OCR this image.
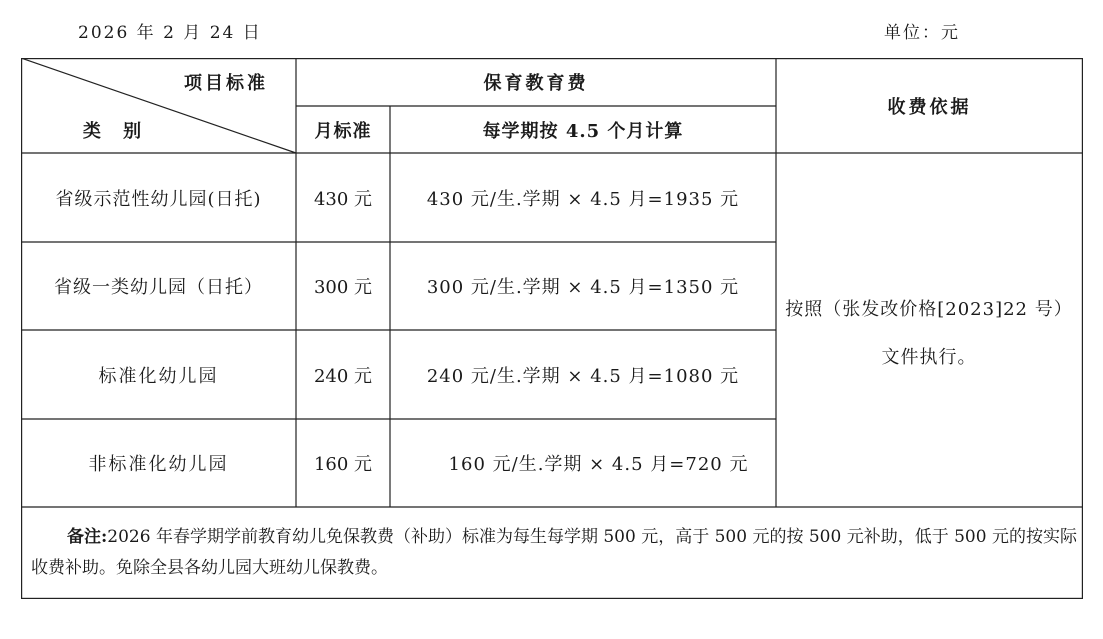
2026 年 2 月 24 日	单位：元
项目标准
类 别
保育教育费
月标准	每学期按 4.5 个月计算
收费依据
省级示范性幼儿园(日托)	430 元	430 元/生.学期 × 4.5 月=1935 元
省级一类幼儿园（日托）	300 元	300 元/生.学期 × 4.5 月=1350 元
标准化幼儿园	240 元	240 元/生.学期 × 4.5 月=1080 元
非标准化幼儿园	160 元	160 元/生.学期 × 4.5 月=720 元
按照（张发改价格[2023]22 号）
文件执行。
备注:2026 年春学期学前教育幼儿免保教费（补助）标准为每生每学期 500 元，高于 500 元的按 500 元补助，低于 500 元的按实际收费补助。免除全县各幼儿园大班幼儿保教费。
